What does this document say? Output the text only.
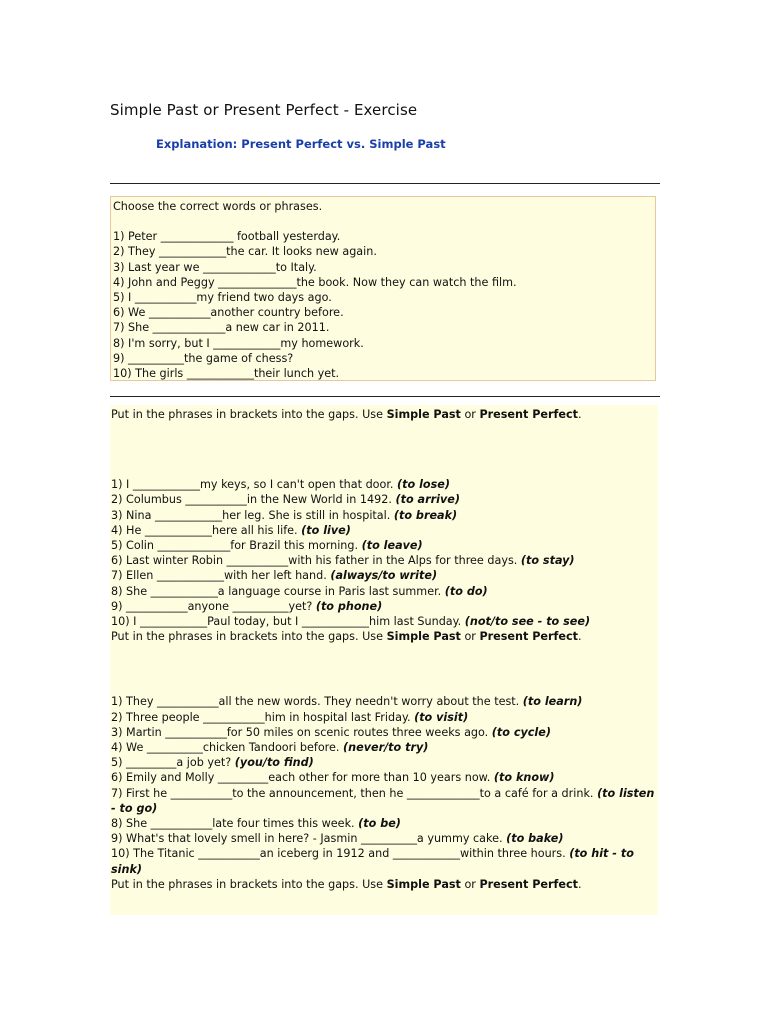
Simple Past or Present Perfect - Exercise
Explanation: Present Perfect vs. Simple Past
Choose the correct words or phrases.
1) Peter _____________ football yesterday.
2) They ____________the car. It looks new again.
3) Last year we _____________to Italy.
4) John and Peggy ______________the book. Now they can watch the film.
5) I ___________my friend two days ago.
6) We ___________another country before.
7) She _____________a new car in 2011.
8) I'm sorry, but I ____________my homework.
9) __________the game of chess?
10) The girls ____________their lunch yet.
Put in the phrases in brackets into the gaps. Use Simple Past or Present Perfect.
1) I ____________my keys, so I can't open that door. (to lose)
2) Columbus ___________in the New World in 1492. (to arrive)
3) Nina ____________her leg. She is still in hospital. (to break)
4) He ____________here all his life. (to live)
5) Colin _____________for Brazil this morning. (to leave)
6) Last winter Robin ___________with his father in the Alps for three days. (to stay)
7) Ellen ____________with her left hand. (always/to write)
8) She ____________a language course in Paris last summer. (to do)
9) ___________anyone __________yet? (to phone)
10) I ____________Paul today, but I ____________him last Sunday. (not/to see - to see)
Put in the phrases in brackets into the gaps. Use Simple Past or Present Perfect.
1) They ___________all the new words. They needn't worry about the test. (to learn)
2) Three people ___________him in hospital last Friday. (to visit)
3) Martin ___________for 50 miles on scenic routes three weeks ago. (to cycle)
4) We __________chicken Tandoori before. (never/to try)
5) _________a job yet? (you/to find)
6) Emily and Molly _________each other for more than 10 years now. (to know)
7) First he ___________to the announcement, then he _____________to a café for a drink. (to listen - to go)
8) She ___________late four times this week. (to be)
9) What's that lovely smell in here? - Jasmin __________a yummy cake. (to bake)
10) The Titanic ___________an iceberg in 1912 and ____________within three hours. (to hit - to sink)
Put in the phrases in brackets into the gaps. Use Simple Past or Present Perfect.
